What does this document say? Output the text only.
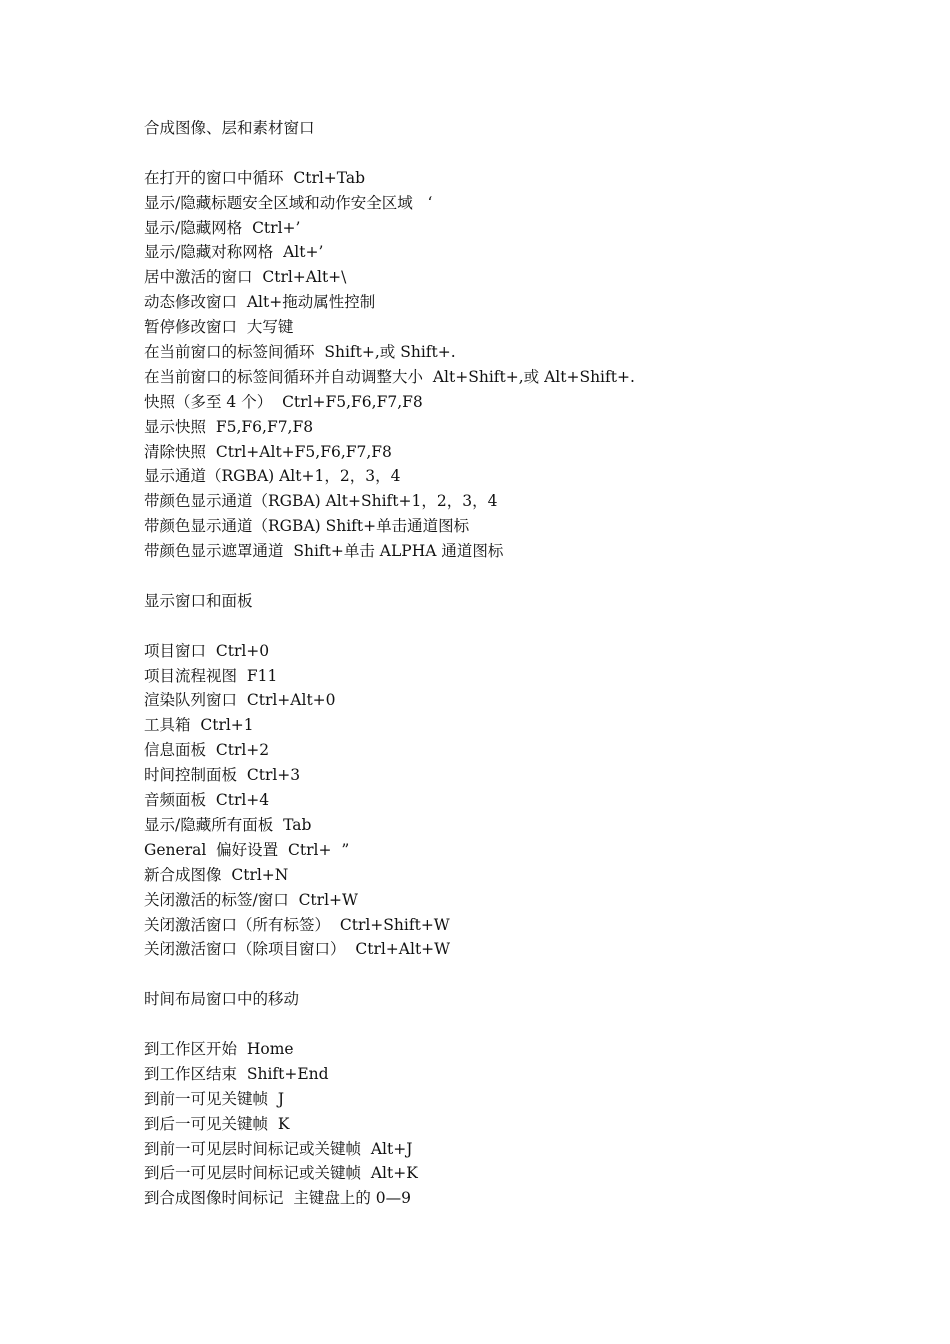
合成图像、层和素材窗口
在打开的窗口中循环  Ctrl+Tab
显示/隐藏标题安全区域和动作安全区域   ‘
显示/隐藏网格  Ctrl+’
显示/隐藏对称网格  Alt+’
居中激活的窗口  Ctrl+Alt+\
动态修改窗口  Alt+拖动属性控制
暂停修改窗口  大写键
在当前窗口的标签间循环  Shift+,或 Shift+.
在当前窗口的标签间循环并自动调整大小  Alt+Shift+,或 Alt+Shift+.
快照（多至 4 个）  Ctrl+F5,F6,F7,F8
显示快照  F5,F6,F7,F8
清除快照  Ctrl+Alt+F5,F6,F7,F8
显示通道（RGBA) Alt+1，2，3，4
带颜色显示通道（RGBA) Alt+Shift+1，2，3，4
带颜色显示通道（RGBA) Shift+单击通道图标
带颜色显示遮罩通道  Shift+单击 ALPHA 通道图标
显示窗口和面板
项目窗口  Ctrl+0
项目流程视图  F11
渲染队列窗口  Ctrl+Alt+0
工具箱  Ctrl+1
信息面板  Ctrl+2
时间控制面板  Ctrl+3
音频面板  Ctrl+4
显示/隐藏所有面板  Tab
General  偏好设置  Ctrl+  ”
新合成图像  Ctrl+N
关闭激活的标签/窗口  Ctrl+W
关闭激活窗口（所有标签）  Ctrl+Shift+W
关闭激活窗口（除项目窗口）  Ctrl+Alt+W
时间布局窗口中的移动
到工作区开始  Home
到工作区结束  Shift+End
到前一可见关键帧  J
到后一可见关键帧  K
到前一可见层时间标记或关键帧  Alt+J
到后一可见层时间标记或关键帧  Alt+K
到合成图像时间标记  主键盘上的 0—9
